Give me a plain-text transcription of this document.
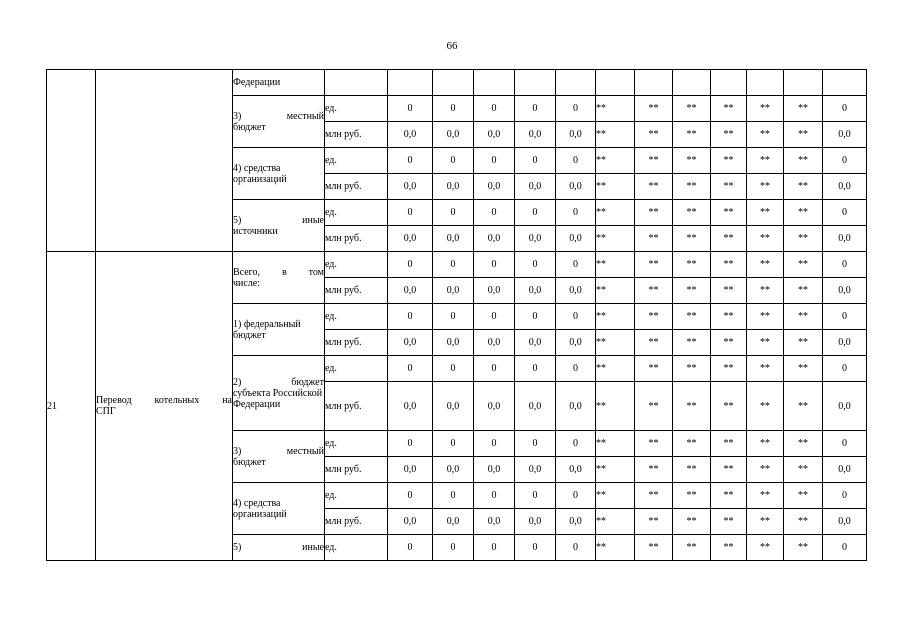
66
		Федерации													

		3) местный
бюджет	ед.	0	0	0	0	0	**	**	**	**	**	**	0
			млн руб.	0,0	0,0	0,0	0,0	0,0	**	**	**	**	**	**	0,0
		4) средства организаций	ед.	0	0	0	0	0	**	**	**	**	**	**	0
			млн руб.	0,0	0,0	0,0	0,0	0,0	**	**	**	**	**	**	0,0

		5) иные
источники	ед.	0	0	0	0	0	**	**	**	**	**	**	0
			млн руб.	0,0	0,0	0,0	0,0	0,0	**	**	**	**	**	**	0,0
21	Перевод котельных на
СПГ	Всего, в том
числе:	ед.	0	0	0	0	0	**	**	**	**	**	**	0
			млн руб.	0,0	0,0	0,0	0,0	0,0	**	**	**	**	**	**	0,0
		1) федеральный бюджет	ед.	0	0	0	0	0	**	**	**	**	**	**	0
			млн руб.	0,0	0,0	0,0	0,0	0,0	**	**	**	**	**	**	0,0

		2) бюджет
субъекта Российской Федерации	ед.	0	0	0	0	0	**	**	**	**	**	**	0
			млн руб.	0,0	0,0	0,0	0,0	0,0	**	**	**	**	**	**	0,0

		3) местный
бюджет	ед.	0	0	0	0	0	**	**	**	**	**	**	0
			млн руб.	0,0	0,0	0,0	0,0	0,0	**	**	**	**	**	**	0,0
		4) средства организаций	ед.	0	0	0	0	0	**	**	**	**	**	**	0
			млн руб.	0,0	0,0	0,0	0,0	0,0	**	**	**	**	**	**	0,0

		5) иные	ед.	0	0	0	0	0	**	**	**	**	**	**	0
